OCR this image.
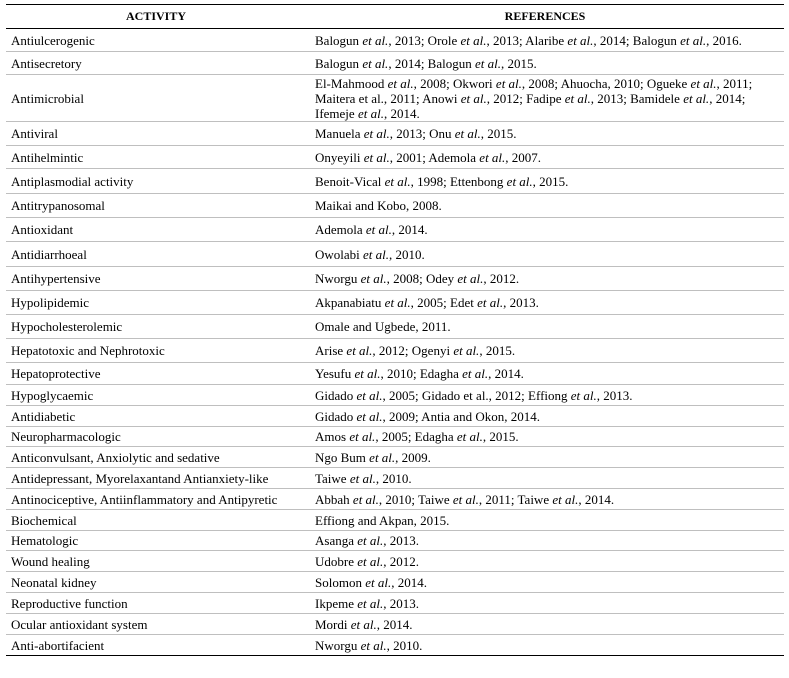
ACTIVITY	REFERENCES
Antiulcerogenic	Balogun et al., 2013; Orole et al., 2013; Alaribe et al., 2014; Balogun et al., 2016.
Antisecretory	Balogun et al., 2014; Balogun et al., 2015.
Antimicrobial	El-Mahmood et al., 2008; Okwori et al., 2008; Ahuocha, 2010; Ogueke et al., 2011; Maitera et al., 2011; Anowi et al., 2012; Fadipe et al., 2013; Bamidele et al., 2014; Ifemeje et al., 2014.
Antiviral	Manuela et al., 2013; Onu et al., 2015.
Antihelmintic	Onyeyili et al., 2001; Ademola et al., 2007.
Antiplasmodial activity	Benoit-Vical et al., 1998; Ettenbong et al., 2015.
Antitrypanosomal	Maikai and Kobo, 2008.
Antioxidant	Ademola et al., 2014.
Antidiarrhoeal	Owolabi et al., 2010.
Antihypertensive	Nworgu et al., 2008; Odey et al., 2012.
Hypolipidemic	Akpanabiatu et al., 2005; Edet et al., 2013.
Hypocholesterolemic	Omale and Ugbede, 2011.
Hepatotoxic and Nephrotoxic	Arise et al., 2012; Ogenyi et al., 2015.
Hepatoprotective	Yesufu et al., 2010; Edagha et al., 2014.
Hypoglycaemic	Gidado et al., 2005; Gidado et al., 2012; Effiong et al., 2013.
Antidiabetic	Gidado et al., 2009; Antia and Okon, 2014.
Neuropharmacologic	Amos et al., 2005; Edagha et al., 2015.
Anticonvulsant, Anxiolytic and sedative	Ngo Bum et al., 2009.
Antidepressant, Myorelaxantand Antianxiety-like	Taiwe et al., 2010.
Antinociceptive, Antiinflammatory and Antipyretic	Abbah et al., 2010; Taiwe et al., 2011; Taiwe et al., 2014.
Biochemical	Effiong and Akpan, 2015.
Hematologic	Asanga et al., 2013.
Wound healing	Udobre et al., 2012.
Neonatal kidney	Solomon et al., 2014.
Reproductive function	Ikpeme et al., 2013.
Ocular antioxidant system	Mordi et al., 2014.
Anti-abortifacient	Nworgu et al., 2010.
